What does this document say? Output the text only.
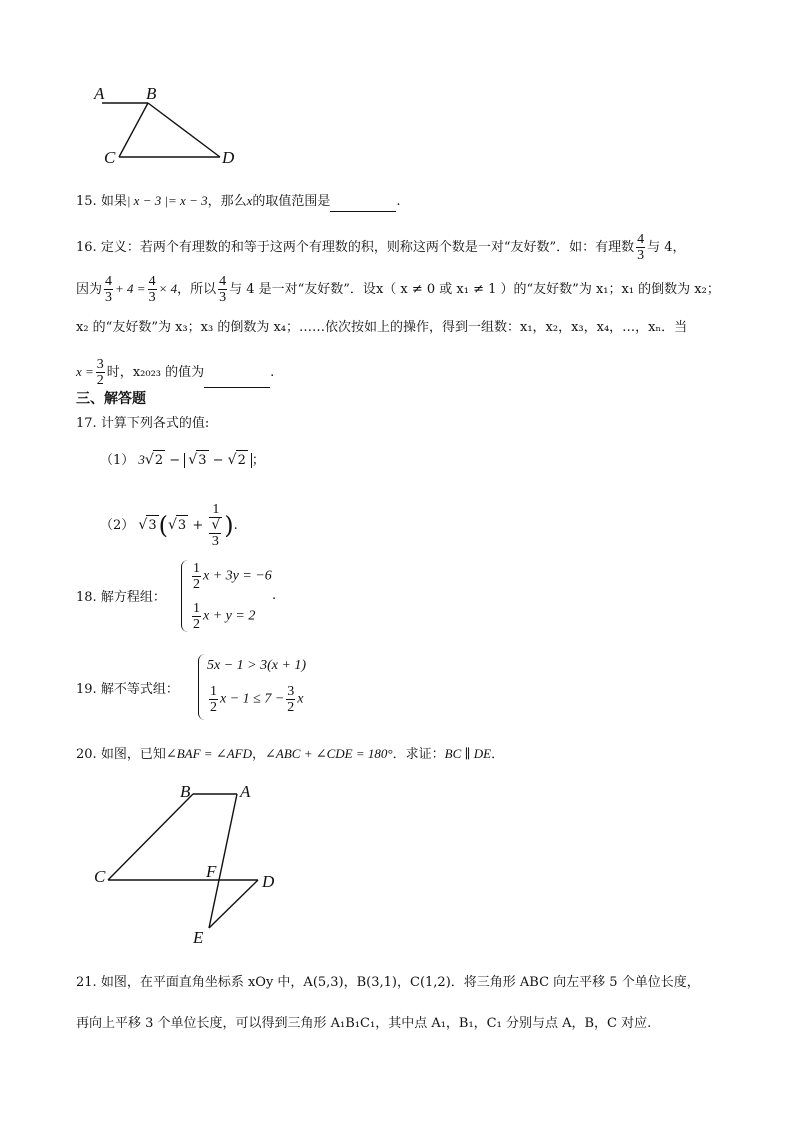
A B
C	D
15. 如果| x − 3 |= x − 3，那么x的取值范围是	.
16. 定义：若两个有理数的和等于这两个有理数的积，则称这两个数是一对“友好数”．如：有理数 $\frac{4}{3}$ 与 4，
因为 $\frac{4}{3} + 4 = \frac{4}{3} \times 4$，所以 $\frac{4}{3}$ 与 4 是一对“友好数”．设x（ x ≠ 0 或 x₁ ≠ 1 ）的“友好数”为 x₁；x₁ 的倒数为 x₂；
x₂ 的“友好数”为 x₃；x₃ 的倒数为 x₄；……依次按如上的操作，得到一组数：x₁，x₂，x₃，x₄，…，xₙ．当
$x = \frac{3}{2}$ 时，x₂₀₂₃ 的值为	.
三、解答题
17. 计算下列各式的值:
（1） 3√2 − √3 − √2 ；
（2） √3(√3 + 1
√
3 ).
18. 解方程组：
$\frac{1}{2}$ x + 3y = −6
$\frac{1}{2}$ x + y = 2
.
19. 解不等式组：
5x − 1 > 3(x + 1)
$\frac{1}{2}$ $x - 1 \le 7 - \frac{3}{2}$ x
20. 如图，已知∠BAF = ∠AFD，∠ABC + ∠CDE = 180°．求证：BC ∥ DE．
B	A
C	F
D
E
21. 如图，在平面直角坐标系 xOy 中，A(5,3)，B(3,1)，C(1,2)．将三角形 ABC 向左平移 5 个单位长度，
再向上平移 3 个单位长度，可以得到三角形 A₁B₁C₁，其中点 A₁，B₁，C₁ 分别与点 A，B，C 对应.
